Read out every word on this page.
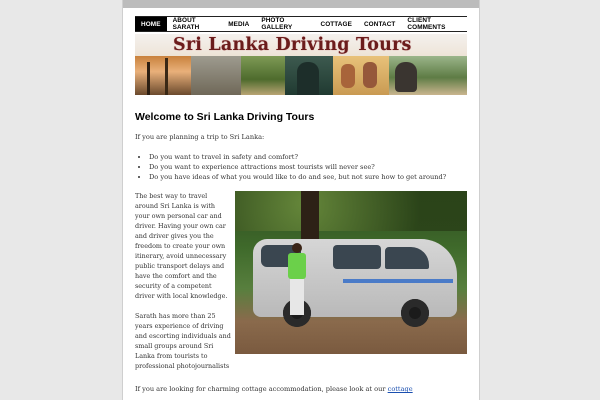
HOME	ABOUT SARATH	MEDIA	PHOTO GALLERY	COTTAGE	CONTACT	CLIENT COMMENTS
Sri Lanka Driving Tours
Welcome to Sri Lanka Driving Tours

If you are planning a trip to Sri Lanka:

• Do you want to travel in safety and comfort?
• Do you want to experience attractions most tourists will never see?
• Do you have ideas of what you would like to do and see, but not sure how to get around?

The best way to travel around Sri Lanka is with your own personal car and driver. Having your own car and driver gives you the freedom to create your own itinerary, avoid unnecessary public transport delays and have the comfort and the security of a competent driver with local knowledge.

Sarath has more than 25 years experience of driving and escorting individuals and small groups around Sri Lanka from tourists to professional photojournalists

If you are looking for charming cottage accommodation, please look at our cottage
